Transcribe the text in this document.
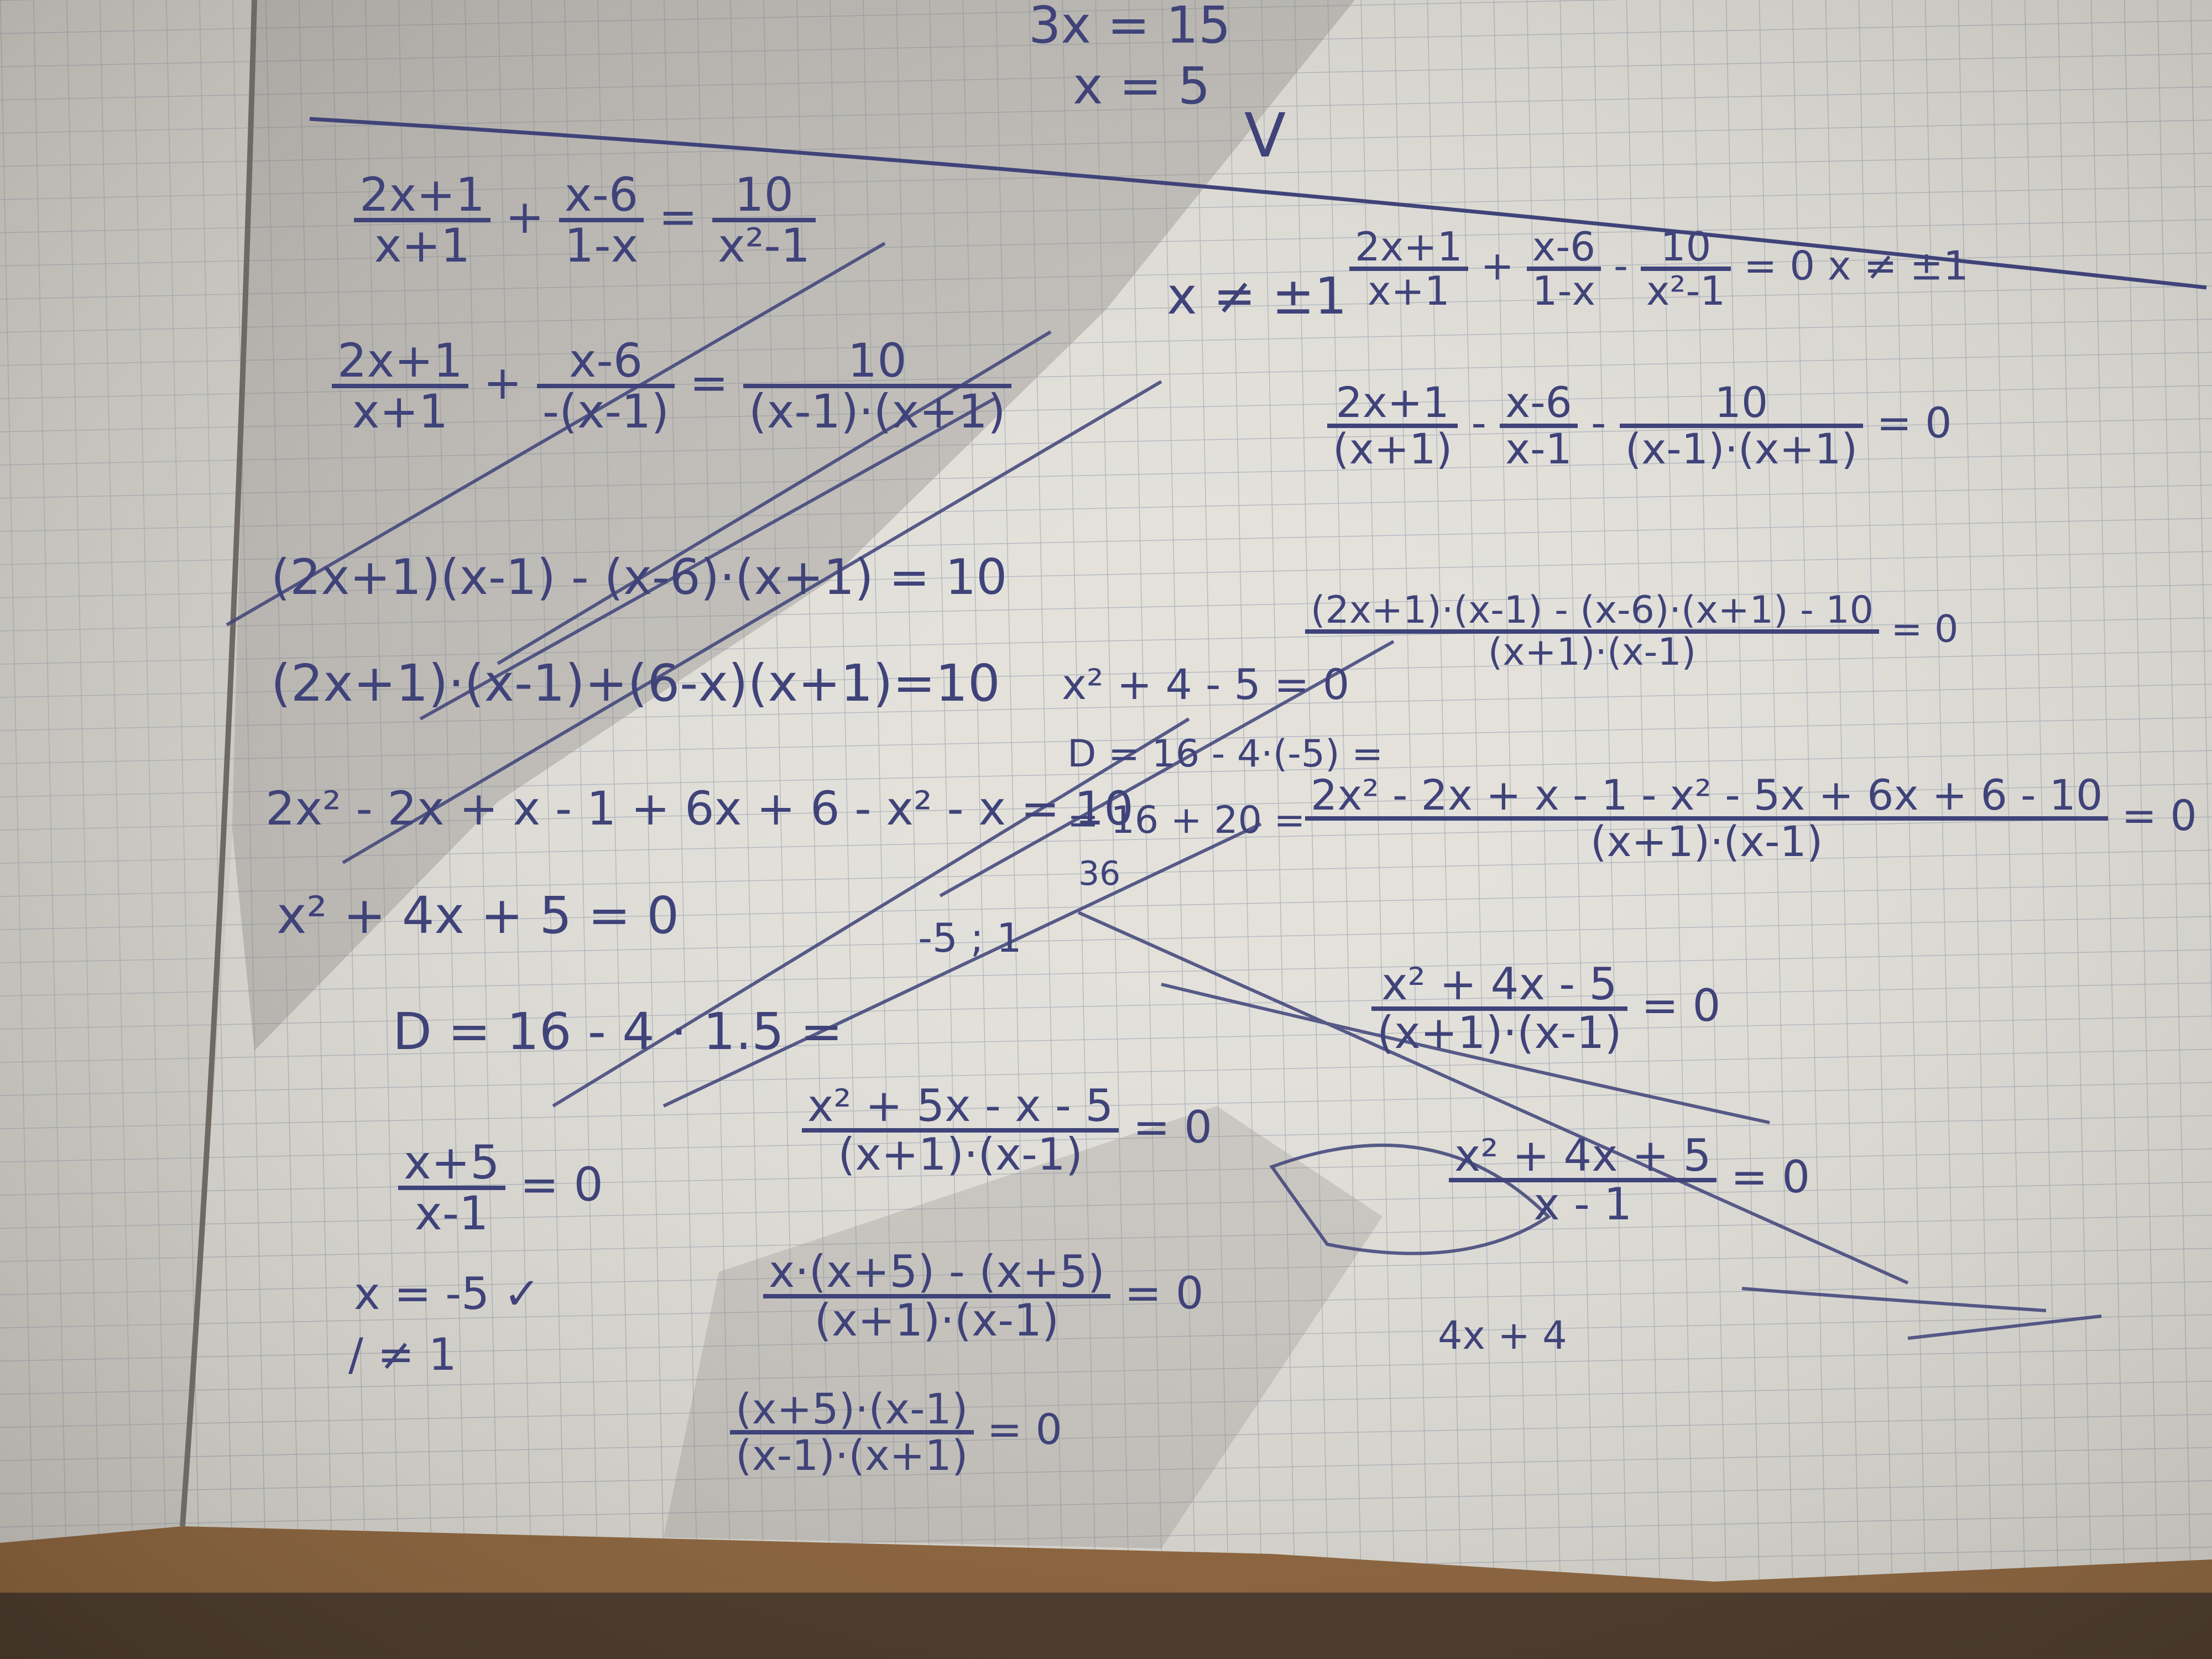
3x = 15
x = 5
V
$\frac{2x+1}{x+1} + \frac{x-6}{1-x} = \frac{10}{\text{x²-1}}$
$\frac{2x+1}{x+1} + \frac{x-6}{-(x-1)} = \frac{10}{(x-1)\cdot(x+1)}$
(2x+1)(x-1) - (x-6)·(x+1) = 10
(2x+1)·(x-1)+(6-x)(x+1)=10
2x² - 2x + x - 1 + 6x + 6 - x² - x = 10
x² + 4x + 5 = 0
D = 16 - 4 · 1.5 =
$\frac{x+5}{x-1} = 0$
x = -5 ✓
/ ≠ 1
x² + 4 - 5 = 0
D = 16 - 4·(-5) =
= 16 + 20 =
36
-5 ; 1
$\frac{\text{x² + 5x - x - 5}}{(x+1)\cdot(x-1)} = 0$
$\frac{x\cdot(x+5) - (x+5)}{(x+1)\cdot(x-1)} = 0$
$\frac{(x+5)\cdot(x-1)}{(x-1)\cdot(x+1)} = 0$
$x \ne \pm 1 \frac{2x+1}{x+1} + \frac{x-6}{1-x} - \frac{10}{\text{x²-1}} = 0$ x ≠ ±1
$\frac{2x+1}{(x+1)} - \frac{x-6}{x-1} - \frac{10}{(x-1)\cdot(x+1)} = 0$
$\frac{(2x+1)\cdot(x-1) - (x-6)\cdot(x+1) - 10}{(x+1)\cdot(x-1)} = 0$
$\frac{\text{2x² - 2x + x - 1 - x² - 5x + 6x + 6 - 10}}{(x+1)\cdot(x-1)} = 0$
$\frac{\text{x² + 4x - 5}}{(x+1)\cdot(x-1)} = 0$
$\frac{\text{x² + 4x + 5}}{x - 1} = 0$
4x + 4
